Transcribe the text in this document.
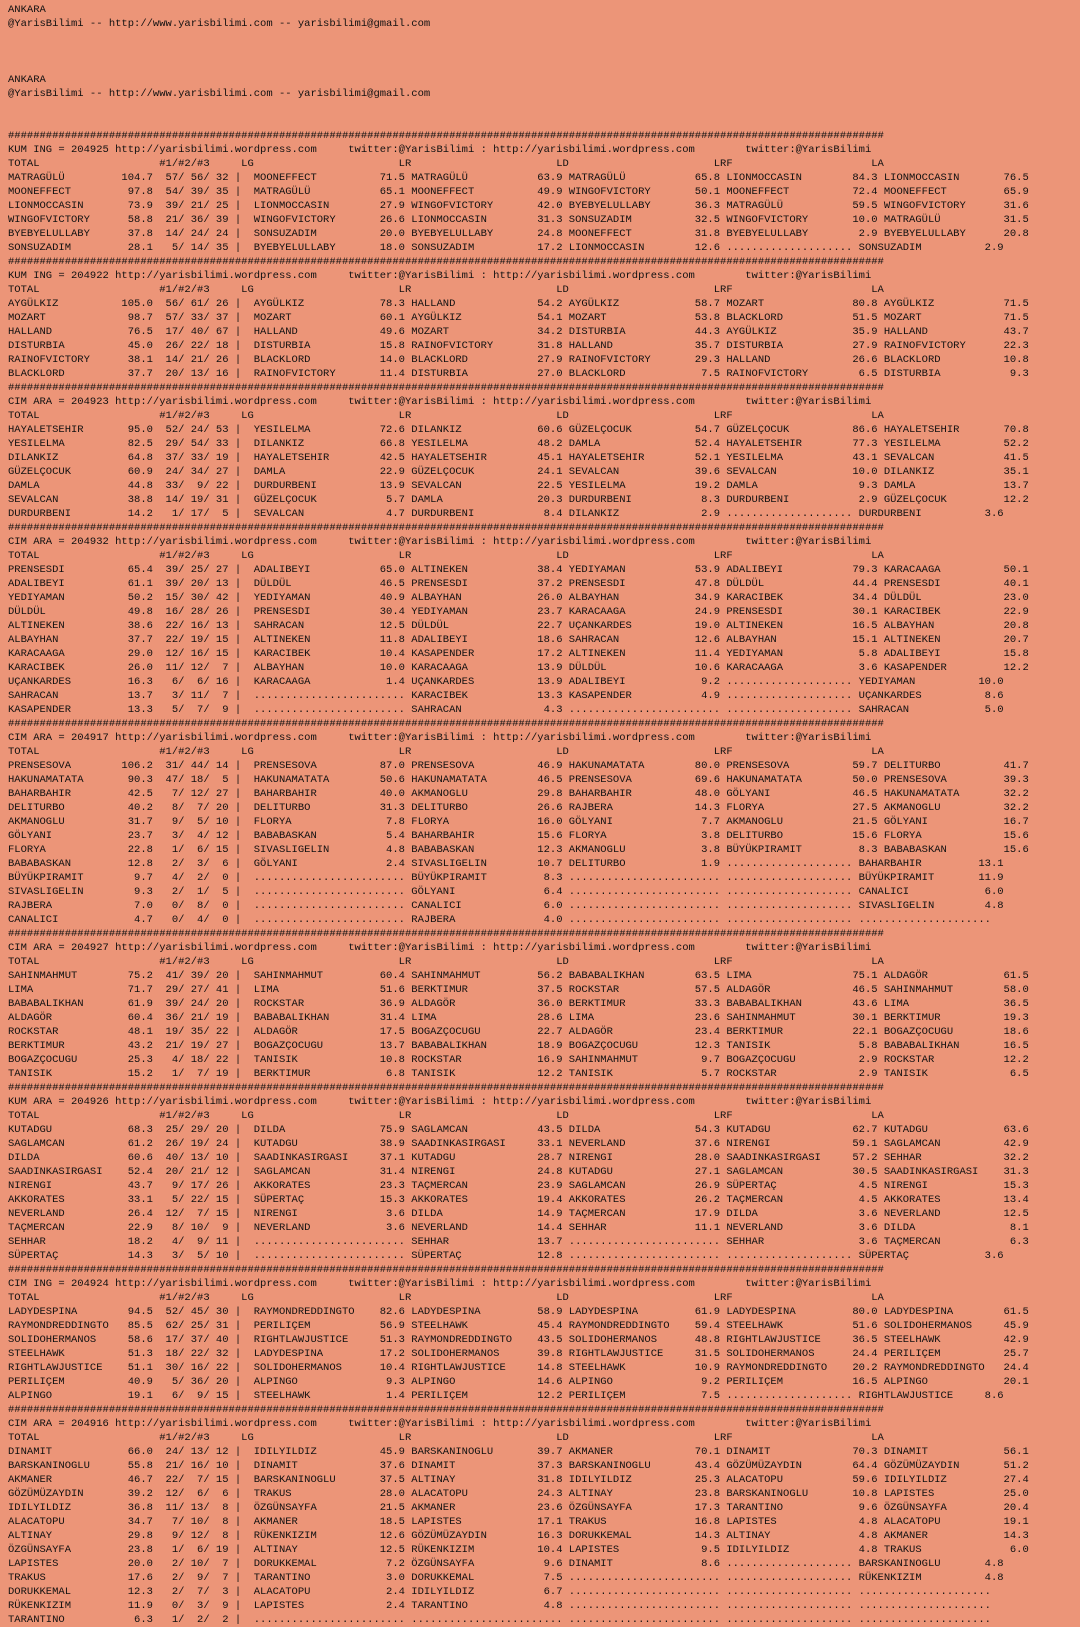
ANKARA
@YarisBilimi -- http://www.yarisbilimi.com -- yarisbilimi@gmail.com
ANKARA
@YarisBilimi -- http://www.yarisbilimi.com -- yarisbilimi@gmail.com
###########################################################################################################################################
KUM ING = 204925 http://yarisbilimi.wordpress.com     twitter:@YarisBilimi : http://yarisbilimi.wordpress.com        twitter:@YarisBilimi
TOTAL                   #1/#2/#3     LG                       LR                       LD                       LRF                      LA
MATRAGÜLÜ         104.7  57/ 56/ 32 |  MOONEFFECT          71.5 MATRAGÜLÜ           63.9 MATRAGÜLÜ           65.8 LIONMOCCASIN        84.3 LIONMOCCASIN       76.5
MOONEFFECT         97.8  54/ 39/ 35 |  MATRAGÜLÜ           65.1 MOONEFFECT          49.9 WINGOFVICTORY       50.1 MOONEFFECT          72.4 MOONEFFECT         65.9
LIONMOCCASIN       73.9  39/ 21/ 25 |  LIONMOCCASIN        27.9 WINGOFVICTORY       42.0 BYEBYELULLABY       36.3 MATRAGÜLÜ           59.5 WINGOFVICTORY      31.6
WINGOFVICTORY      58.8  21/ 36/ 39 |  WINGOFVICTORY       26.6 LIONMOCCASIN        31.3 SONSUZADIM          32.5 WINGOFVICTORY       10.0 MATRAGÜLÜ          31.5
BYEBYELULLABY      37.8  14/ 24/ 24 |  SONSUZADIM          20.0 BYEBYELULLABY       24.8 MOONEFFECT          31.8 BYEBYELULLABY        2.9 BYEBYELULLABY      20.8
SONSUZADIM         28.1   5/ 14/ 35 |  BYEBYELULLABY       18.0 SONSUZADIM          17.2 LIONMOCCASIN        12.6 .................... SONSUZADIM          2.9
###########################################################################################################################################
KUM ING = 204922 http://yarisbilimi.wordpress.com     twitter:@YarisBilimi : http://yarisbilimi.wordpress.com        twitter:@YarisBilimi
TOTAL                   #1/#2/#3     LG                       LR                       LD                       LRF                      LA
AYGÜLKIZ          105.0  56/ 61/ 26 |  AYGÜLKIZ            78.3 HALLAND             54.2 AYGÜLKIZ            58.7 MOZART              80.8 AYGÜLKIZ           71.5
MOZART             98.7  57/ 33/ 37 |  MOZART              60.1 AYGÜLKIZ            54.1 MOZART              53.8 BLACKLORD           51.5 MOZART             71.5
HALLAND            76.5  17/ 40/ 67 |  HALLAND             49.6 MOZART              34.2 DISTURBIA           44.3 AYGÜLKIZ            35.9 HALLAND            43.7
DISTURBIA          45.0  26/ 22/ 18 |  DISTURBIA           15.8 RAINOFVICTORY       31.8 HALLAND             35.7 DISTURBIA           27.9 RAINOFVICTORY      22.3
RAINOFVICTORY      38.1  14/ 21/ 26 |  BLACKLORD           14.0 BLACKLORD           27.9 RAINOFVICTORY       29.3 HALLAND             26.6 BLACKLORD          10.8
BLACKLORD          37.7  20/ 13/ 16 |  RAINOFVICTORY       11.4 DISTURBIA           27.0 BLACKLORD            7.5 RAINOFVICTORY        6.5 DISTURBIA           9.3
###########################################################################################################################################
CIM ARA = 204923 http://yarisbilimi.wordpress.com     twitter:@YarisBilimi : http://yarisbilimi.wordpress.com        twitter:@YarisBilimi
TOTAL                   #1/#2/#3     LG                       LR                       LD                       LRF                      LA
HAYALETSEHIR       95.0  52/ 24/ 53 |  YESILELMA           72.6 DILANKIZ            60.6 GÜZELÇOCUK          54.7 GÜZELÇOCUK          86.6 HAYALETSEHIR       70.8
YESILELMA          82.5  29/ 54/ 33 |  DILANKIZ            66.8 YESILELMA           48.2 DAMLA               52.4 HAYALETSEHIR        77.3 YESILELMA          52.2
DILANKIZ           64.8  37/ 33/ 19 |  HAYALETSEHIR        42.5 HAYALETSEHIR        45.1 HAYALETSEHIR        52.1 YESILELMA           43.1 SEVALCAN           41.5
GÜZELÇOCUK         60.9  24/ 34/ 27 |  DAMLA               22.9 GÜZELÇOCUK          24.1 SEVALCAN            39.6 SEVALCAN            10.0 DILANKIZ           35.1
DAMLA              44.8  33/  9/ 22 |  DURDURBENI          13.9 SEVALCAN            22.5 YESILELMA           19.2 DAMLA                9.3 DAMLA              13.7
SEVALCAN           38.8  14/ 19/ 31 |  GÜZELÇOCUK           5.7 DAMLA               20.3 DURDURBENI           8.3 DURDURBENI           2.9 GÜZELÇOCUK         12.2
DURDURBENI         14.2   1/ 17/  5 |  SEVALCAN             4.7 DURDURBENI           8.4 DILANKIZ             2.9 .................... DURDURBENI          3.6
###########################################################################################################################################
CIM ARA = 204932 http://yarisbilimi.wordpress.com     twitter:@YarisBilimi : http://yarisbilimi.wordpress.com        twitter:@YarisBilimi
TOTAL                   #1/#2/#3     LG                       LR                       LD                       LRF                      LA
PRENSESDI          65.4  39/ 25/ 27 |  ADALIBEYI           65.0 ALTINEKEN           38.4 YEDIYAMAN           53.9 ADALIBEYI           79.3 KARACAAGA          50.1
ADALIBEYI          61.1  39/ 20/ 13 |  DÜLDÜL              46.5 PRENSESDI           37.2 PRENSESDI           47.8 DÜLDÜL              44.4 PRENSESDI          40.1
YEDIYAMAN          50.2  15/ 30/ 42 |  YEDIYAMAN           40.9 ALBAYHAN            26.0 ALBAYHAN            34.9 KARACIBEK           34.4 DÜLDÜL             23.0
DÜLDÜL             49.8  16/ 28/ 26 |  PRENSESDI           30.4 YEDIYAMAN           23.7 KARACAAGA           24.9 PRENSESDI           30.1 KARACIBEK          22.9
ALTINEKEN          38.6  22/ 16/ 13 |  SAHRACAN            12.5 DÜLDÜL              22.7 UÇANKARDES          19.0 ALTINEKEN           16.5 ALBAYHAN           20.8
ALBAYHAN           37.7  22/ 19/ 15 |  ALTINEKEN           11.8 ADALIBEYI           18.6 SAHRACAN            12.6 ALBAYHAN            15.1 ALTINEKEN          20.7
KARACAAGA          29.0  12/ 16/ 15 |  KARACIBEK           10.4 KASAPENDER          17.2 ALTINEKEN           11.4 YEDIYAMAN            5.8 ADALIBEYI          15.8
KARACIBEK          26.0  11/ 12/  7 |  ALBAYHAN            10.0 KARACAAGA           13.9 DÜLDÜL              10.6 KARACAAGA            3.6 KASAPENDER         12.2
UÇANKARDES         16.3   6/  6/ 16 |  KARACAAGA            1.4 UÇANKARDES          13.9 ADALIBEYI            9.2 .................... YEDIYAMAN          10.0
SAHRACAN           13.7   3/ 11/  7 |  ........................ KARACIBEK           13.3 KASAPENDER           4.9 .................... UÇANKARDES          8.6
KASAPENDER         13.3   5/  7/  9 |  ........................ SAHRACAN             4.3 ........................ .................... SAHRACAN            5.0
###########################################################################################################################################
CIM ARA = 204917 http://yarisbilimi.wordpress.com     twitter:@YarisBilimi : http://yarisbilimi.wordpress.com        twitter:@YarisBilimi
TOTAL                   #1/#2/#3     LG                       LR                       LD                       LRF                      LA
PRENSESOVA        106.2  31/ 44/ 14 |  PRENSESOVA          87.0 PRENSESOVA          46.9 HAKUNAMATATA        80.0 PRENSESOVA          59.7 DELITURBO          41.7
HAKUNAMATATA       90.3  47/ 18/  5 |  HAKUNAMATATA        50.6 HAKUNAMATATA        46.5 PRENSESOVA          69.6 HAKUNAMATATA        50.0 PRENSESOVA         39.3
BAHARBAHIR         42.5   7/ 12/ 27 |  BAHARBAHIR          40.0 AKMANOGLU           29.8 BAHARBAHIR          48.0 GÖLYANI             46.5 HAKUNAMATATA       32.2
DELITURBO          40.2   8/  7/ 20 |  DELITURBO           31.3 DELITURBO           26.6 RAJBERA             14.3 FLORYA              27.5 AKMANOGLU          32.2
AKMANOGLU          31.7   9/  5/ 10 |  FLORYA               7.8 FLORYA              16.0 GÖLYANI              7.7 AKMANOGLU           21.5 GÖLYANI            16.7
GÖLYANI            23.7   3/  4/ 12 |  BABABASKAN           5.4 BAHARBAHIR          15.6 FLORYA               3.8 DELITURBO           15.6 FLORYA             15.6
FLORYA             22.8   1/  6/ 15 |  SIVASLIGELIN         4.8 BABABASKAN          12.3 AKMANOGLU            3.8 BÜYÜKPIRAMIT         8.3 BABABASKAN         15.6
BABABASKAN         12.8   2/  3/  6 |  GÖLYANI              2.4 SIVASLIGELIN        10.7 DELITURBO            1.9 .................... BAHARBAHIR         13.1
BÜYÜKPIRAMIT        9.7   4/  2/  0 |  ........................ BÜYÜKPIRAMIT         8.3 ........................ .................... BÜYÜKPIRAMIT       11.9
SIVASLIGELIN        9.3   2/  1/  5 |  ........................ GÖLYANI              6.4 ........................ .................... CANALICI            6.0
RAJBERA             7.0   0/  8/  0 |  ........................ CANALICI             6.0 ........................ .................... SIVASLIGELIN        4.8
CANALICI            4.7   0/  4/  0 |  ........................ RAJBERA              4.0 ........................ .................... .....................
###########################################################################################################################################
CIM ARA = 204927 http://yarisbilimi.wordpress.com     twitter:@YarisBilimi : http://yarisbilimi.wordpress.com        twitter:@YarisBilimi
TOTAL                   #1/#2/#3     LG                       LR                       LD                       LRF                      LA
SAHINMAHMUT        75.2  41/ 39/ 20 |  SAHINMAHMUT         60.4 SAHINMAHMUT         56.2 BABABALIKHAN        63.5 LIMA                75.1 ALDAGÖR            61.5
LIMA               71.7  29/ 27/ 41 |  LIMA                51.6 BERKTIMUR           37.5 ROCKSTAR            57.5 ALDAGÖR             46.5 SAHINMAHMUT        58.0
BABABALIKHAN       61.9  39/ 24/ 20 |  ROCKSTAR            36.9 ALDAGÖR             36.0 BERKTIMUR           33.3 BABABALIKHAN        43.6 LIMA               36.5
ALDAGÖR            60.4  36/ 21/ 19 |  BABABALIKHAN        31.4 LIMA                28.6 LIMA                23.6 SAHINMAHMUT         30.1 BERKTIMUR          19.3
ROCKSTAR           48.1  19/ 35/ 22 |  ALDAGÖR             17.5 BOGAZÇOCUGU         22.7 ALDAGÖR             23.4 BERKTIMUR           22.1 BOGAZÇOCUGU        18.6
BERKTIMUR          43.2  21/ 19/ 27 |  BOGAZÇOCUGU         13.7 BABABALIKHAN        18.9 BOGAZÇOCUGU         12.3 TANISIK              5.8 BABABALIKHAN       16.5
BOGAZÇOCUGU        25.3   4/ 18/ 22 |  TANISIK             10.8 ROCKSTAR            16.9 SAHINMAHMUT          9.7 BOGAZÇOCUGU          2.9 ROCKSTAR           12.2
TANISIK            15.2   1/  7/ 19 |  BERKTIMUR            6.8 TANISIK             12.2 TANISIK              5.7 ROCKSTAR             2.9 TANISIK             6.5
###########################################################################################################################################
KUM ARA = 204926 http://yarisbilimi.wordpress.com     twitter:@YarisBilimi : http://yarisbilimi.wordpress.com        twitter:@YarisBilimi
TOTAL                   #1/#2/#3     LG                       LR                       LD                       LRF                      LA
KUTADGU            68.3  25/ 29/ 20 |  DILDA               75.9 SAGLAMCAN           43.5 DILDA               54.3 KUTADGU             62.7 KUTADGU            63.6
SAGLAMCAN          61.2  26/ 19/ 24 |  KUTADGU             38.9 SAADINKASIRGASI     33.1 NEVERLAND           37.6 NIRENGI             59.1 SAGLAMCAN          42.9
DILDA              60.6  40/ 13/ 10 |  SAADINKASIRGASI     37.1 KUTADGU             28.7 NIRENGI             28.0 SAADINKASIRGASI     57.2 SEHHAR             32.2
SAADINKASIRGASI    52.4  20/ 21/ 12 |  SAGLAMCAN           31.4 NIRENGI             24.8 KUTADGU             27.1 SAGLAMCAN           30.5 SAADINKASIRGASI    31.3
NIRENGI            43.7   9/ 17/ 26 |  AKKORATES           23.3 TAÇMERCAN           23.9 SAGLAMCAN           26.9 SÜPERTAÇ             4.5 NIRENGI            15.3
AKKORATES          33.1   5/ 22/ 15 |  SÜPERTAÇ            15.3 AKKORATES           19.4 AKKORATES           26.2 TAÇMERCAN            4.5 AKKORATES          13.4
NEVERLAND          26.4  12/  7/ 15 |  NIRENGI              3.6 DILDA               14.9 TAÇMERCAN           17.9 DILDA                3.6 NEVERLAND          12.5
TAÇMERCAN          22.9   8/ 10/  9 |  NEVERLAND            3.6 NEVERLAND           14.4 SEHHAR              11.1 NEVERLAND            3.6 DILDA               8.1
SEHHAR             18.2   4/  9/ 11 |  ........................ SEHHAR              13.7 ........................ SEHHAR               3.6 TAÇMERCAN           6.3
SÜPERTAÇ           14.3   3/  5/ 10 |  ........................ SÜPERTAÇ            12.8 ........................ .................... SÜPERTAÇ            3.6
###########################################################################################################################################
CIM ING = 204924 http://yarisbilimi.wordpress.com     twitter:@YarisBilimi : http://yarisbilimi.wordpress.com        twitter:@YarisBilimi
TOTAL                   #1/#2/#3     LG                       LR                       LD                       LRF                      LA
LADYDESPINA        94.5  52/ 45/ 30 |  RAYMONDREDDINGTO    82.6 LADYDESPINA         58.9 LADYDESPINA         61.9 LADYDESPINA         80.0 LADYDESPINA        61.5
RAYMONDREDDINGTO   85.5  62/ 25/ 31 |  PERILIÇEM           56.9 STEELHAWK           45.4 RAYMONDREDDINGTO    59.4 STEELHAWK           51.6 SOLIDOHERMANOS     45.9
SOLIDOHERMANOS     58.6  17/ 37/ 40 |  RIGHTLAWJUSTICE     51.3 RAYMONDREDDINGTO    43.5 SOLIDOHERMANOS      48.8 RIGHTLAWJUSTICE     36.5 STEELHAWK          42.9
STEELHAWK          51.3  18/ 22/ 32 |  LADYDESPINA         17.2 SOLIDOHERMANOS      39.8 RIGHTLAWJUSTICE     31.5 SOLIDOHERMANOS      24.4 PERILIÇEM          25.7
RIGHTLAWJUSTICE    51.1  30/ 16/ 22 |  SOLIDOHERMANOS      10.4 RIGHTLAWJUSTICE     14.8 STEELHAWK           10.9 RAYMONDREDDINGTO    20.2 RAYMONDREDDINGTO   24.4
PERILIÇEM          40.9   5/ 36/ 20 |  ALPINGO              9.3 ALPINGO             14.6 ALPINGO              9.2 PERILIÇEM           16.5 ALPINGO            20.1
ALPINGO            19.1   6/  9/ 15 |  STEELHAWK            1.4 PERILIÇEM           12.2 PERILIÇEM            7.5 .................... RIGHTLAWJUSTICE     8.6
###########################################################################################################################################
CIM ARA = 204916 http://yarisbilimi.wordpress.com     twitter:@YarisBilimi : http://yarisbilimi.wordpress.com        twitter:@YarisBilimi
TOTAL                   #1/#2/#3     LG                       LR                       LD                       LRF                      LA
DINAMIT            66.0  24/ 13/ 12 |  IDILYILDIZ          45.9 BARSKANINOGLU       39.7 AKMANER             70.1 DINAMIT             70.3 DINAMIT            56.1
BARSKANINOGLU      55.8  21/ 16/ 10 |  DINAMIT             37.6 DINAMIT             37.3 BARSKANINOGLU       43.4 GÖZÜMÜZAYDIN        64.4 GÖZÜMÜZAYDIN       51.2
AKMANER            46.7  22/  7/ 15 |  BARSKANINOGLU       37.5 ALTINAY             31.8 IDILYILDIZ          25.3 ALACATOPU           59.6 IDILYILDIZ         27.4
GÖZÜMÜZAYDIN       39.2  12/  6/  6 |  TRAKUS              28.0 ALACATOPU           24.3 ALTINAY             23.8 BARSKANINOGLU       10.8 LAPISTES           25.0
IDILYILDIZ         36.8  11/ 13/  8 |  ÖZGÜNSAYFA          21.5 AKMANER             23.6 ÖZGÜNSAYFA          17.3 TARANTINO            9.6 ÖZGÜNSAYFA         20.4
ALACATOPU          34.7   7/ 10/  8 |  AKMANER             18.5 LAPISTES            17.1 TRAKUS              16.8 LAPISTES             4.8 ALACATOPU          19.1
ALTINAY            29.8   9/ 12/  8 |  RÜKENKIZIM          12.6 GÖZÜMÜZAYDIN        16.3 DORUKKEMAL          14.3 ALTINAY              4.8 AKMANER            14.3
ÖZGÜNSAYFA         23.8   1/  6/ 19 |  ALTINAY             12.5 RÜKENKIZIM          10.4 LAPISTES             9.5 IDILYILDIZ           4.8 TRAKUS              6.0
LAPISTES           20.0   2/ 10/  7 |  DORUKKEMAL           7.2 ÖZGÜNSAYFA           9.6 DINAMIT              8.6 .................... BARSKANINOGLU       4.8
TRAKUS             17.6   2/  9/  7 |  TARANTINO            3.0 DORUKKEMAL           7.5 ........................ .................... RÜKENKIZIM          4.8
DORUKKEMAL         12.3   2/  7/  3 |  ALACATOPU            2.4 IDILYILDIZ           6.7 ........................ .................... .....................
RÜKENKIZIM         11.9   0/  3/  9 |  LAPISTES             2.4 TARANTINO            4.8 ........................ .................... .....................
TARANTINO           6.3   1/  2/  2 |  ........................ ........................ ........................ .................... .....................
